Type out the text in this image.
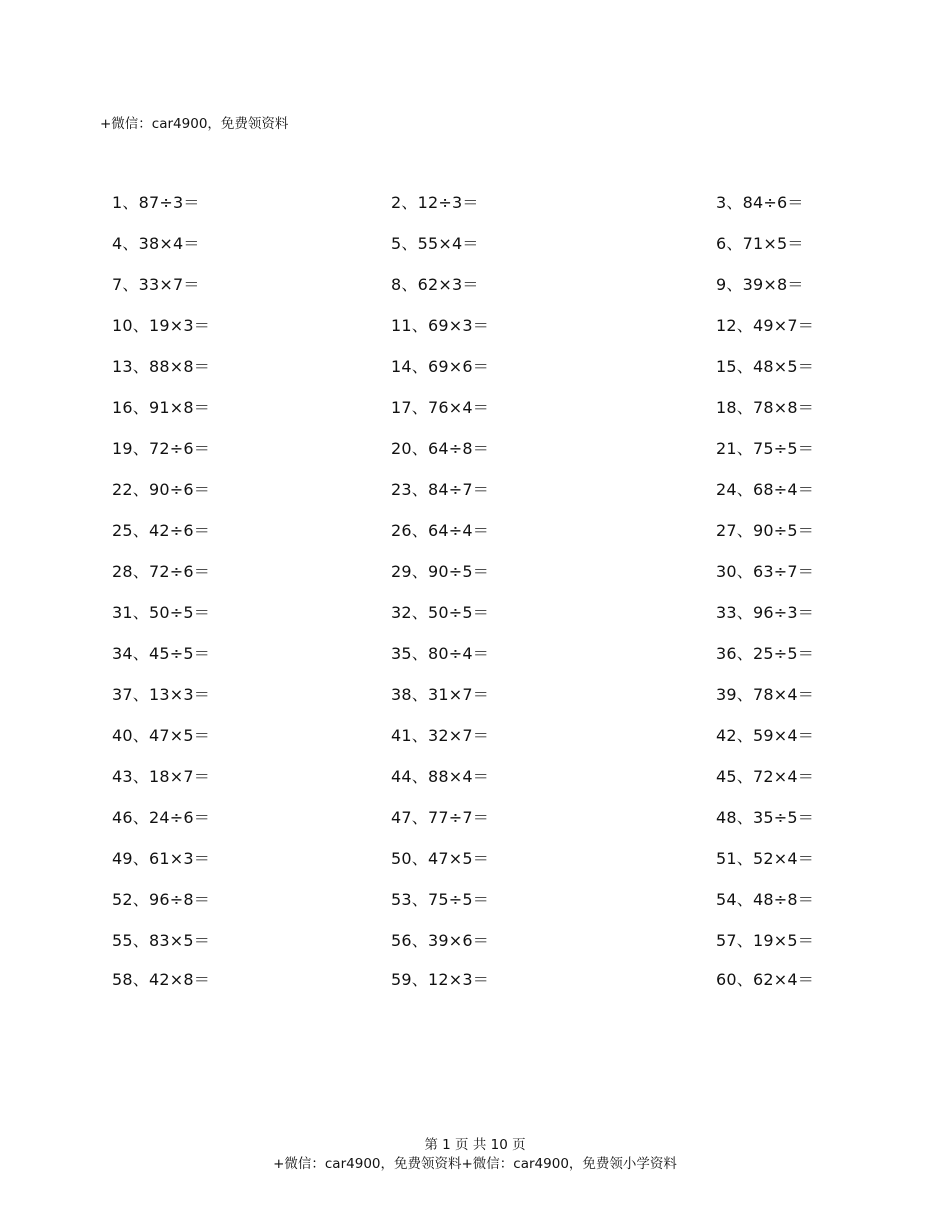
+微信：car4900，免费领资料
1、87÷3＝	2、12÷3＝	3、84÷6＝
4、38×4＝	5、55×4＝	6、71×5＝
7、33×7＝	8、62×3＝	9、39×8＝
10、19×3＝	11、69×3＝	12、49×7＝
13、88×8＝	14、69×6＝	15、48×5＝
16、91×8＝	17、76×4＝	18、78×8＝
19、72÷6＝	20、64÷8＝	21、75÷5＝
22、90÷6＝	23、84÷7＝	24、68÷4＝
25、42÷6＝	26、64÷4＝	27、90÷5＝
28、72÷6＝	29、90÷5＝	30、63÷7＝
31、50÷5＝	32、50÷5＝	33、96÷3＝
34、45÷5＝	35、80÷4＝	36、25÷5＝
37、13×3＝	38、31×7＝	39、78×4＝
40、47×5＝	41、32×7＝	42、59×4＝
43、18×7＝	44、88×4＝	45、72×4＝
46、24÷6＝	47、77÷7＝	48、35÷5＝
49、61×3＝	50、47×5＝	51、52×4＝
52、96÷8＝	53、75÷5＝	54、48÷8＝
55、83×5＝	56、39×6＝	57、19×5＝
58、42×8＝	59、12×3＝	60、62×4＝
第 1 页 共 10 页
+微信：car4900，免费领资料+微信：car4900，免费领小学资料
